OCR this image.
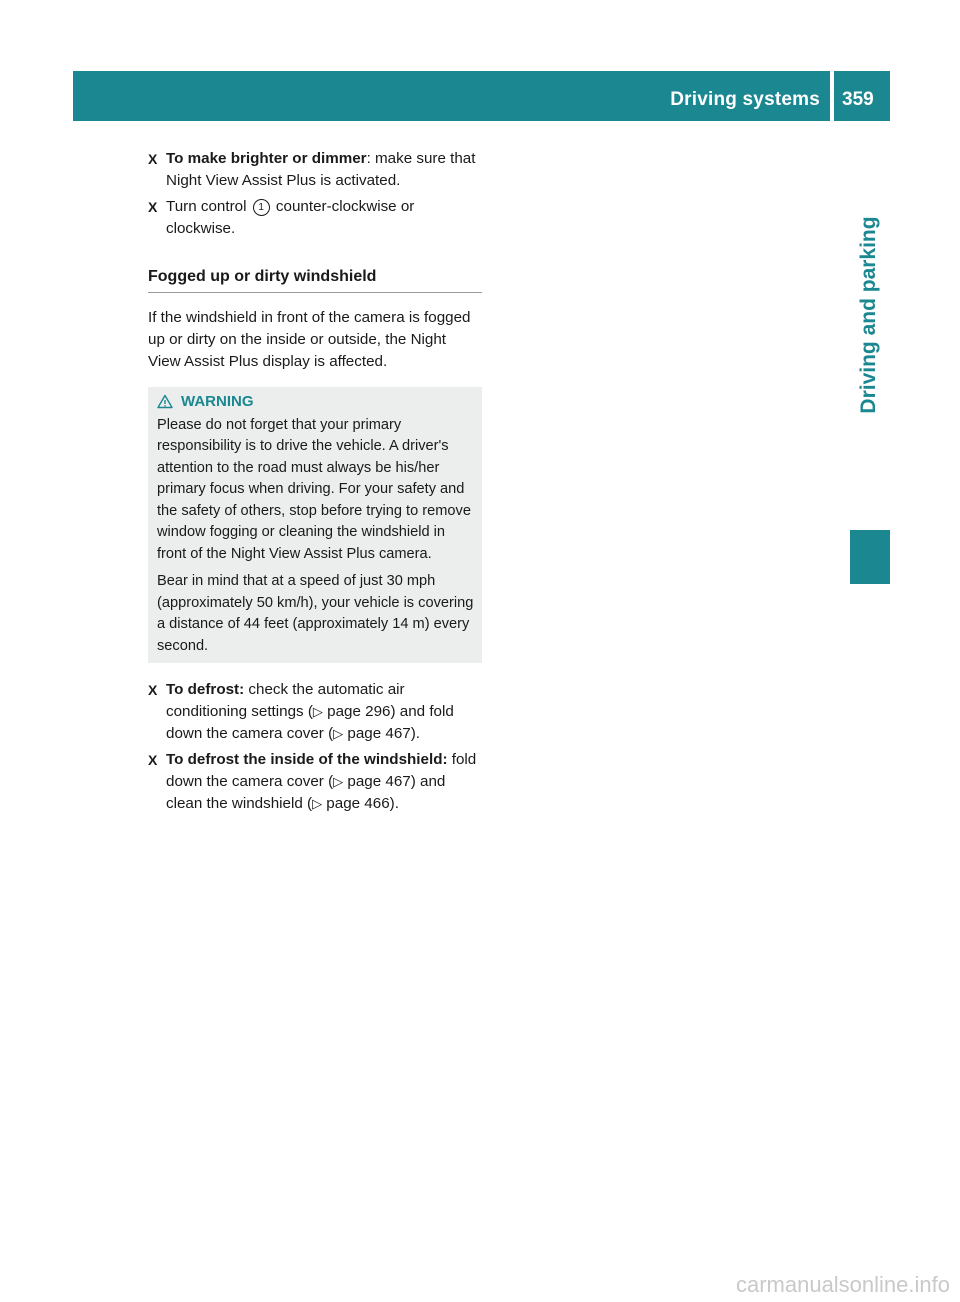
Driving systems 359
Driving and parking
X To make brighter or dimmer: make sure that Night View Assist Plus is activated.
X Turn control 1 counter-clockwise or clockwise.
Fogged up or dirty windshield
If the windshield in front of the camera is fogged up or dirty on the inside or outside, the Night View Assist Plus display is affected.
WARNING
Please do not forget that your primary responsibility is to drive the vehicle. A driver's attention to the road must always be his/her primary focus when driving. For your safety and the safety of others, stop before trying to remove window fogging or cleaning the windshield in front of the Night View Assist Plus camera.
Bear in mind that at a speed of just 30 mph (approximately 50 km/h), your vehicle is covering a distance of 44 feet (approximately 14 m) every second.
X To defrost: check the automatic air conditioning settings (▷ page 296) and fold down the camera cover (▷ page 467).
X To defrost the inside of the windshield: fold down the camera cover (▷ page 467) and clean the windshield (▷ page 466).
carmanualsonline.info
